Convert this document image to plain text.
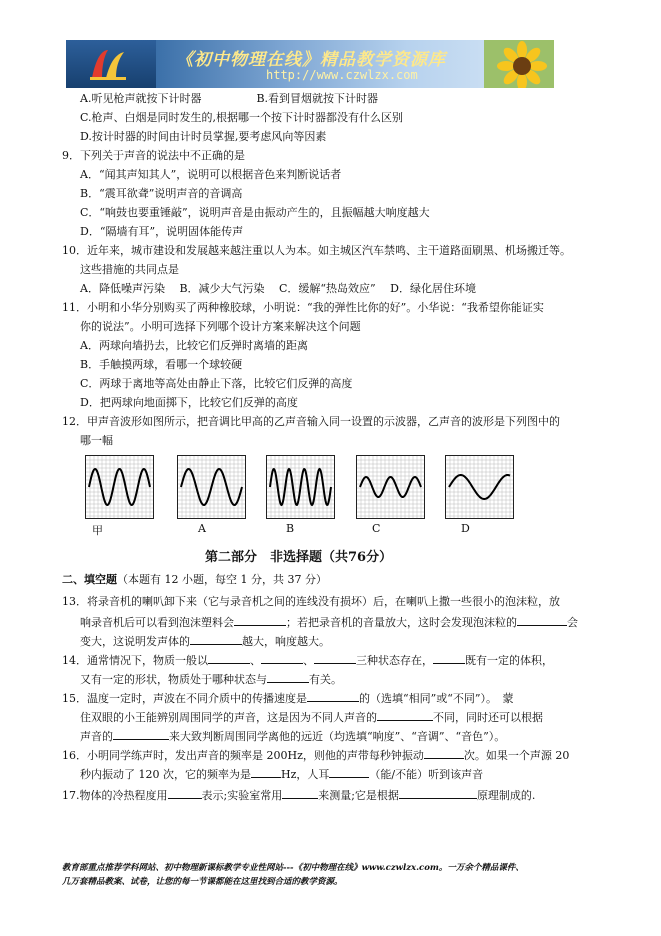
《初中物理在线》精品教学资源库
http://www.czwlzx.com
A.听见枪声就按下计时器　　　　　B.看到冒烟就按下计时器
C.枪声、白烟是同时发生的,根据哪一个按下计时器都没有什么区别
D.按计时器的时间由计时员掌握,要考虑风向等因素
9．下列关于声音的说法中不正确的是
A．“闻其声知其人”，说明可以根据音色来判断说话者
B．“震耳欲聋”说明声音的音调高
C．“响鼓也要重锤敲”，说明声音是由振动产生的，且振幅越大响度越大
D．“隔墙有耳”，说明固体能传声
10．近年来，城市建设和发展越来越注重以人为本。如主城区汽车禁鸣、主干道路面刷黑、机场搬迁等。
这些措施的共同点是
A．降低噪声污染　 B．减少大气污染　 C．缓解“热岛效应”　 D．绿化居住环境
11．小明和小华分别购买了两种橡胶球，小明说：“我的弹性比你的好”。小华说：“我希望你能证实
你的说法”。小明可选择下列哪个设计方案来解决这个问题
A．两球向墙扔去，比较它们反弹时离墙的距离
B．手触摸两球，看哪一个球较硬
C．两球于离地等高处由静止下落，比较它们反弹的高度
D．把两球向地面掷下，比较它们反弹的高度
12．甲声音波形如图所示，把音调比甲高的乙声音输入同一设置的示波器，乙声音的波形是下列图中的
哪一幅
甲	A	B	C	D
第二部分　非选择题（共76分）
二、填空题（本题有 12 小题，每空 1 分，共 37 分）
13．将录音机的喇叭卸下来（它与录音机之间的连线没有损坏）后，在喇叭上撒一些很小的泡沫粒，放
响录音机后可以看到泡沫塑料会	；若把录音机的音量放大，这时会发现泡沫粒的	会
变大，这说明发声体的	越大，响度越大。
14．通常情况下，物质一般以	、	、	三种状态存在，	既有一定的体积，
又有一定的形状，物质处于哪种状态与	有关。
15．温度一定时，声波在不同介质中的传播速度是	的（选填“相同”或“不同”）。　蒙
住双眼的小王能辨别周围同学的声音，这是因为不同人声音的	不同，同时还可以根据
声音的	来大致判断周围同学离他的远近（均选填“响度”、“音调”、“音色”）。
16．小明同学练声时，发出声音的频率是 200Hz，则他的声带每秒钟振动	次。如果一个声源 20
秒内振动了 120 次，它的频率为是	Hz，人耳	（能/不能）听到该声音
17.物体的冷热程度用	表示;实验室常用	来测量;它是根据	原理制成的.
教育部重点推荐学科网站、初中物理新课标教学专业性网站---《初中物理在线》www.czwlzx.com。一万余个精品课件、
几万套精品教案、试卷，让您的每一节课都能在这里找到合适的教学资源。
